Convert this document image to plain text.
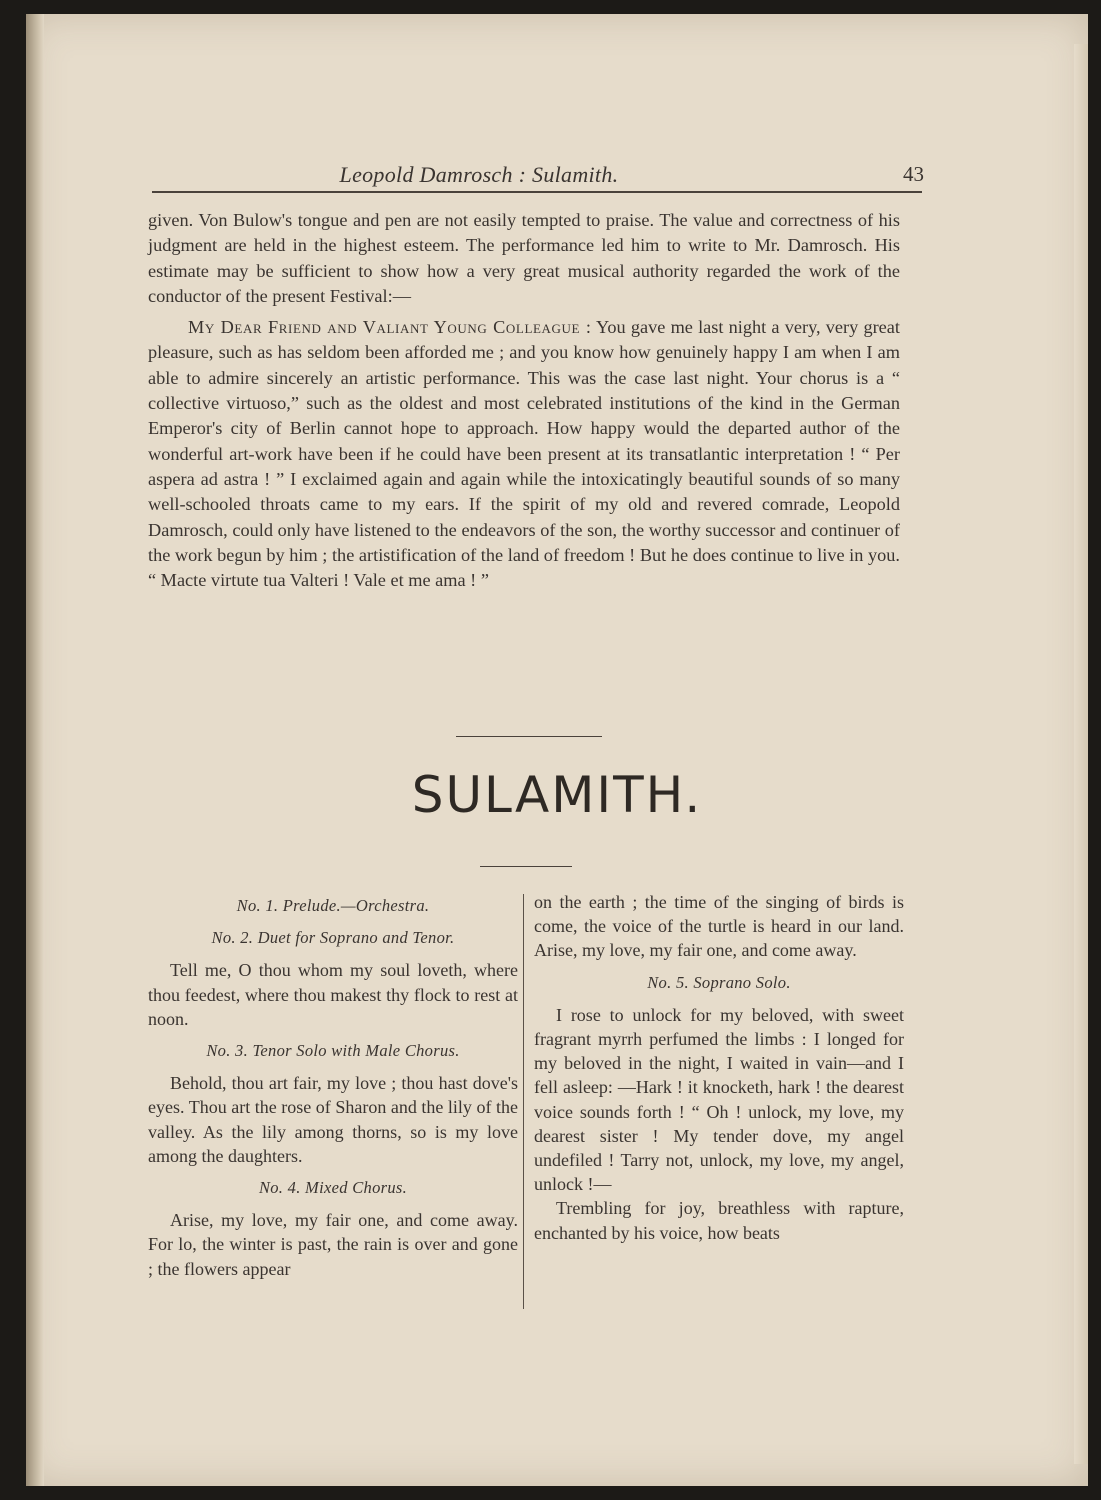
Leopold Damrosch : Sulamith.	43

given. Von Bulow's tongue and pen are not easily tempted to praise. The value and correctness of his judgment are held in the highest esteem. The performance led him to write to Mr. Damrosch. His estimate may be sufficient to show how a very great musical authority regarded the work of the conductor of the present Festival:—

My Dear Friend and Valiant Young Colleague : You gave me last night a very, very great pleasure, such as has seldom been afforded me ; and you know how genuinely happy I am when I am able to admire sincerely an artistic performance. This was the case last night. Your chorus is a “ collective virtuoso,” such as the oldest and most celebrated institutions of the kind in the German Emperor's city of Berlin cannot hope to approach. How happy would the departed author of the wonderful art-work have been if he could have been present at its transatlantic interpretation ! “ Per aspera ad astra ! ” I exclaimed again and again while the intoxicatingly beautiful sounds of so many well-schooled throats came to my ears. If the spirit of my old and revered comrade, Leopold Damrosch, could only have listened to the endeavors of the son, the worthy successor and continuer of the work begun by him ; the artistification of the land of freedom ! But he does continue to live in you. “ Macte virtute tua Valteri ! Vale et me ama ! ”

SULAMITH.

No. 1. Prelude.—Orchestra.

No. 2. Duet for Soprano and Tenor.

Tell me, O thou whom my soul loveth, where thou feedest, where thou makest thy flock to rest at noon.

No. 3. Tenor Solo with Male Chorus.

Behold, thou art fair, my love ; thou hast dove's eyes. Thou art the rose of Sharon and the lily of the valley. As the lily among thorns, so is my love among the daughters.

No. 4. Mixed Chorus.

Arise, my love, my fair one, and come away. For lo, the winter is past, the rain is over and gone ; the flowers appear

on the earth ; the time of the singing of birds is come, the voice of the turtle is heard in our land. Arise, my love, my fair one, and come away.

No. 5. Soprano Solo.

I rose to unlock for my beloved, with sweet fragrant myrrh perfumed the limbs : I longed for my beloved in the night, I waited in vain—and I fell asleep: —Hark ! it knocketh, hark ! the dearest voice sounds forth ! “ Oh ! unlock, my love, my dearest sister ! My tender dove, my angel undefiled ! Tarry not, unlock, my love, my angel, unlock !—

Trembling for joy, breathless with rapture, enchanted by his voice, how beats
